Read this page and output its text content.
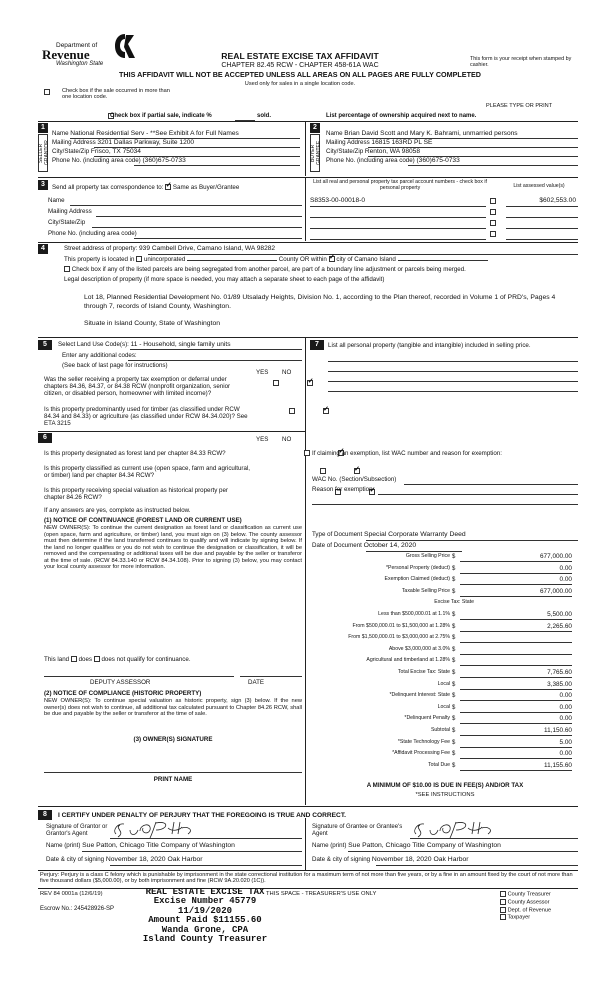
Department of
Revenue
Washington State
REAL ESTATE EXCISE TAX AFFIDAVIT
CHAPTER 82.45 RCW - CHAPTER 458-61A WAC
THIS AFFIDAVIT WILL NOT BE ACCEPTED UNLESS ALL AREAS ON ALL PAGES ARE FULLY COMPLETED
This form is your receipt when stamped by cashier.
Used only for sales in a single location code.

Check box if the sale occurred in more than one location code.
PLEASE TYPE OR PRINT

Check box if partial sale, indicate %	sold.	List percentage of ownership acquired next to name.
1
SELLER GRANTOR
Name National Residential Serv - **See Exhibit A for Full Names
Mailing Address 3201 Dallas Parkway, Suite 1200
City/State/Zip Frisco, TX 75034
Phone No. (including area code) (360)675-0733
2
BUYER GRANTEE
Name Brian David Scott and Mary K. Bahrami, unmarried persons
Mailing Address 16815 163RD PL SE
City/State/Zip Renton, WA 98058
Phone No. (including area code) (360)675-0733
3	Send all property tax correspondence to: ✓ Same as Buyer/Grantee
Name
Mailing Address
City/State/Zip
Phone No. (including area code)
List all real and personal property tax parcel account numbers - check box if personal property	List assessed value(s)
S8353-00-00018-0	$602,553.00
4	Street address of property: 939 Cambell Drive, Camano Island, WA 98282
This property is located in unincorporated	County OR within ✓ city of Camano Island
Check box if any of the listed parcels are being segregated from another parcel, are part of a boundary line adjustment or parcels being merged.
Legal description of property (if more space is needed, you may attach a separate sheet to each page of the affidavit)
Lot 18, Planned Residential Development No. 01/89 Utsalady Heights, Division No. 1, according to the Plan thereof, recorded in Volume 1 of PRD's, Pages 4 through 7, records of Island County, Washington.
Situate in Island County, State of Washington
5	Select Land Use Code(s): 11 - Household, single family units
Enter any additional codes:
(See back of last page for instructions)
YES NO
Was the seller receiving a property tax exemption or deferral under chapters 84.36, 84.37, or 84.38 RCW (nonprofit organization, senior citizen, or disabled person, homeowner with limited income)?
✓
Is this property predominantly used for timber (as classified under RCW 84.34 and 84.33) or agriculture (as classified under RCW 84.34.020)? See ETA 3215
✓
6	YES NO
Is this property designated as forest land per chapter 84.33 RCW?
✓
Is this property classified as current use (open space, farm and agricultural, or timber) land per chapter 84.34 RCW?
✓
Is this property receiving special valuation as historical property per chapter 84.26 RCW?
✓
If any answers are yes, complete as instructed below.
(1) NOTICE OF CONTINUANCE (FOREST LAND OR CURRENT USE)
NEW OWNER(S): To continue the current designation as forest land or classification as current use (open space, farm and agriculture, or timber) land, you must sign on (3) below. The county assessor must then determine if the land transferred continues to qualify and will indicate by signing below. If the land no longer qualifies or you do not wish to continue the designation or classification, it will be removed and the compensating or additional taxes will be due and payable by the seller or transferor at the time of sale. (RCW 84.33.140 or RCW 84.34.108). Prior to signing (3) below, you may contact your local county assessor for more information.
This land does does not qualify for continuance.
DEPUTY ASSESSOR	DATE
(2) NOTICE OF COMPLIANCE (HISTORIC PROPERTY)
NEW OWNER(S): To continue special valuation as historic property, sign (3) below. If the new owner(s) does not wish to continue, all additional tax calculated pursuant to Chapter 84.26 RCW, shall be due and payable by the seller or transferor at the time of sale.
(3) OWNER(S) SIGNATURE
PRINT NAME
7	List all personal property (tangible and intangible) included in selling price.
If claiming an exemption, list WAC number and reason for exemption:
WAC No. (Section/Subsection)
Reason for exemption
Type of Document Special Corporate Warranty Deed
Date of Document October 14, 2020
Gross Selling Price $	677,000.00
*Personal Property (deduct) $	0.00
Exemption Claimed (deduct) $	0.00
Taxable Selling Price $	677,000.00
Excise Tax: State
Less than $500,000.01 at 1.1% $	5,500.00
From $500,000.01 to $1,500,000 at 1.28% $	2,265.60
From $1,500,000.01 to $3,000,000 at 2.75% $
Above $3,000,000 at 3.0% $
Agricultural and timberland at 1.28% $
Total Excise Tax: State $	7,765.60
Local $	3,385.00
*Delinquent Interest: State $	0.00
Local $	0.00
*Delinquent Penalty $	0.00
Subtotal $	11,150.60
*State Technology Fee $	5.00
*Affidavit Processing Fee $	0.00
Total Due $	11,155.60
A MINIMUM OF $10.00 IS DUE IN FEE(S) AND/OR TAX
*SEE INSTRUCTIONS
8	I CERTIFY UNDER PENALTY OF PERJURY THAT THE FOREGOING IS TRUE AND CORRECT.
Signature of Grantor or Grantor's Agent
Signature of Grantee or Grantee's Agent
Name (print) Sue Patton, Chicago Title Company of Washington	Name (print) Sue Patton, Chicago Title Company of Washington
Date & city of signing November 18, 2020 Oak Harbor	Date & city of signing November 18, 2020 Oak Harbor
Perjury: Perjury is a class C felony which is punishable by imprisonment in the state correctional institution for a maximum term of not more than five years, or by a fine in an amount fixed by the court of not more than five thousand dollars ($5,000.00), or by both imprisonment and fine (RCW 9A.20.020 (1C)).
REV 84 0001a (12/6/19)	THIS SPACE - TREASURER'S USE ONLY
Escrow No.: 245428926-SP
REAL ESTATE EXCISE TAX
Excise Number 45779
11/19/2020
Amount Paid $11155.60
Wanda Grone, CPA
Island County Treasurer
County Treasurer
County Assessor
Dept. of Revenue
Taxpayer
